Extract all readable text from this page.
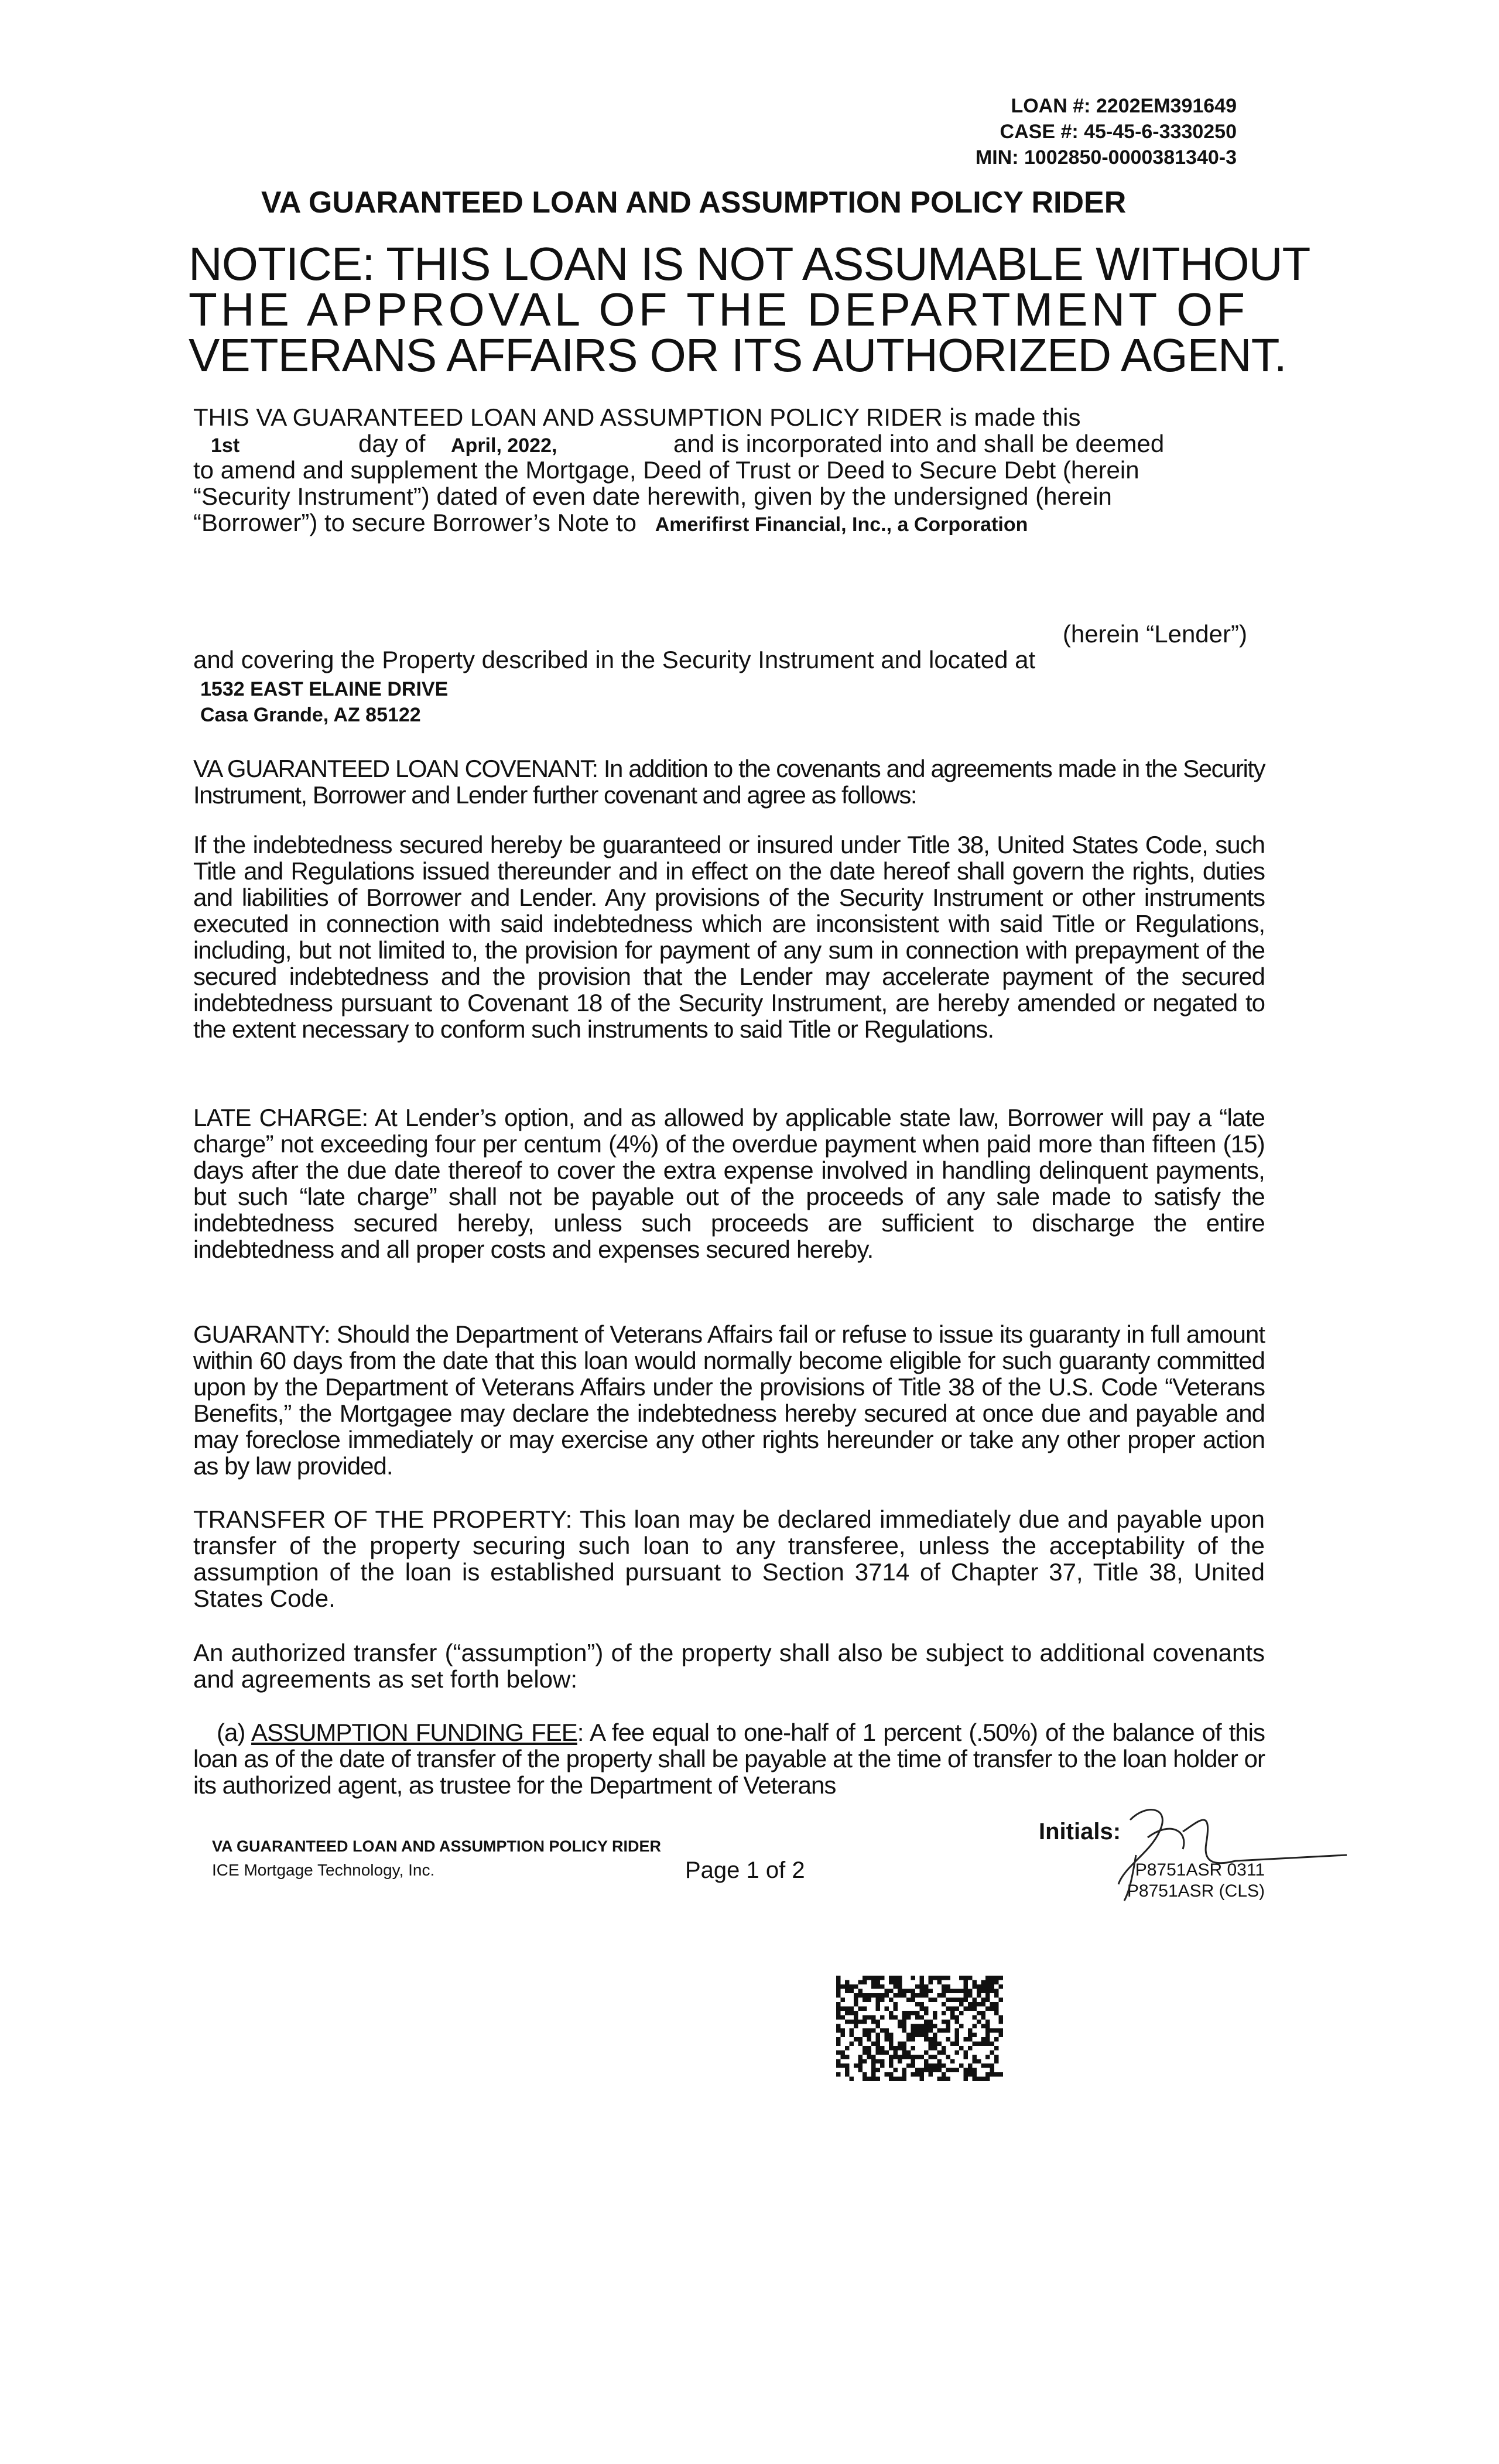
LOAN #: 2202EM391649
CASE #: 45-45-6-3330250
MIN: 1002850-0000381340-3
VA GUARANTEED LOAN AND ASSUMPTION POLICY RIDER
NOTICE: THIS LOAN IS NOT ASSUMABLE WITHOUT
THE APPROVAL OF THE DEPARTMENT OF
VETERANS AFFAIRS OR ITS AUTHORIZED AGENT.
THIS VA GUARANTEED LOAN AND ASSUMPTION POLICY RIDER is made this
1st	day of April, 2022,	and is incorporated into and shall be deemed
to amend and supplement the Mortgage, Deed of Trust or Deed to Secure Debt (herein
“Security Instrument”) dated of even date herewith, given by the undersigned (herein
“Borrower”) to secure Borrower’s Note to Amerifirst Financial, Inc., a Corporation
(herein “Lender”)
and covering the Property described in the Security Instrument and located at
1532 EAST ELAINE DRIVE
Casa Grande, AZ 85122
VA GUARANTEED LOAN COVENANT: In addition to the covenants and agreements made in the Security Instrument, Borrower and Lender further covenant and agree as follows:
If the indebtedness secured hereby be guaranteed or insured under Title 38, United States Code, such Title and Regulations issued thereunder and in effect on the date hereof shall govern the rights, duties and liabilities of Borrower and Lender. Any provisions of the Security Instrument or other instruments executed in connection with said indebtedness which are inconsistent with said Title or Regulations, including, but not limited to, the provision for payment of any sum in connection with prepayment of the secured indebtedness and the provision that the Lender may accelerate payment of the secured indebtedness pursuant to Covenant 18 of the Security Instrument, are hereby amended or negated to the extent necessary to conform such instruments to said Title or Regulations.
LATE CHARGE: At Lender’s option, and as allowed by applicable state law, Borrower will pay a “late charge” not exceeding four per centum (4%) of the overdue payment when paid more than fifteen (15) days after the due date thereof to cover the extra expense involved in handling delinquent payments, but such “late charge” shall not be payable out of the proceeds of any sale made to satisfy the indebtedness secured hereby, unless such proceeds are sufficient to discharge the entire indebtedness and all proper costs and expenses secured hereby.
GUARANTY: Should the Department of Veterans Affairs fail or refuse to issue its guaranty in full amount within 60 days from the date that this loan would normally become eligible for such guaranty committed upon by the Department of Veterans Affairs under the provisions of Title 38 of the U.S. Code “Veterans Benefits,” the Mortgagee may declare the indebtedness hereby secured at once due and payable and may foreclose immediately or may exercise any other rights hereunder or take any other proper action as by law provided.
TRANSFER OF THE PROPERTY: This loan may be declared immediately due and payable upon transfer of the property securing such loan to any transferee, unless the acceptability of the assumption of the loan is established pursuant to Section 3714 of Chapter 37, Title 38, United States Code.
An authorized transfer (“assumption”) of the property shall also be subject to additional covenants and agreements as set forth below:
(a) ASSUMPTION FUNDING FEE: A fee equal to one-half of 1 percent (.50%) of the balance of this loan as of the date of transfer of the property shall be payable at the time of transfer to the loan holder or its authorized agent, as trustee for the Department of Veterans
VA GUARANTEED LOAN AND ASSUMPTION POLICY RIDER
ICE Mortgage Technology, Inc.	Page 1 of 2
Initials:
P8751ASR 0311
P8751ASR (CLS)
